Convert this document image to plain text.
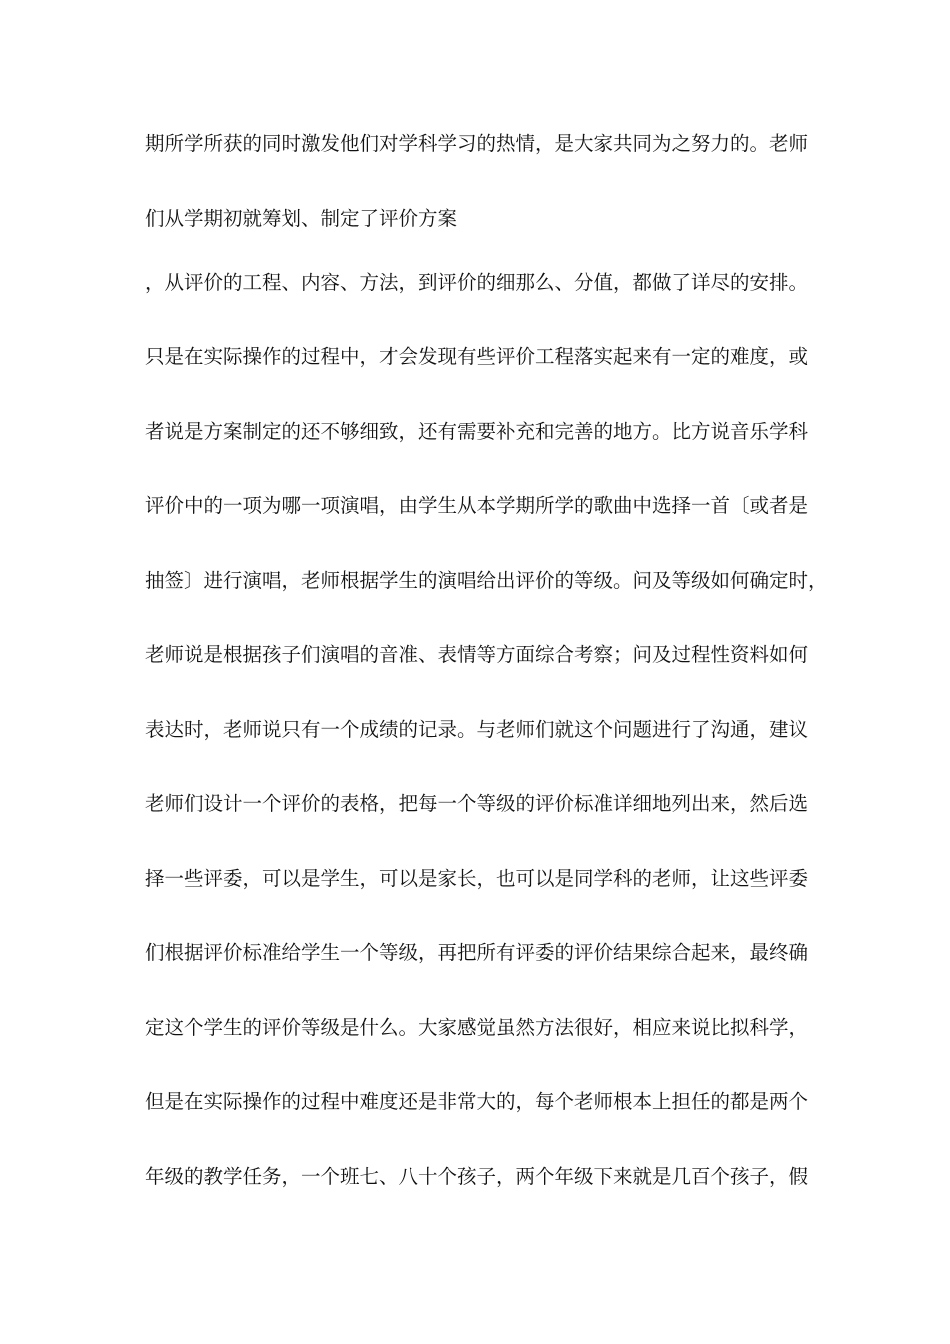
期所学所获的同时激发他们对学科学习的热情，是大家共同为之努力的。老师

们从学期初就筹划、制定了评价方案

，从评价的工程、内容、方法，到评价的细那么、分值，都做了详尽的安排。

只是在实际操作的过程中，才会发现有些评价工程落实起来有一定的难度，或

者说是方案制定的还不够细致，还有需要补充和完善的地方。比方说音乐学科

评价中的一项为哪一项演唱，由学生从本学期所学的歌曲中选择一首〔或者是

抽签〕进行演唱，老师根据学生的演唱给出评价的等级。问及等级如何确定时，

老师说是根据孩子们演唱的音准、表情等方面综合考察；问及过程性资料如何

表达时，老师说只有一个成绩的记录。与老师们就这个问题进行了沟通，建议

老师们设计一个评价的表格，把每一个等级的评价标准详细地列出来，然后选

择一些评委，可以是学生，可以是家长，也可以是同学科的老师，让这些评委

们根据评价标准给学生一个等级，再把所有评委的评价结果综合起来，最终确

定这个学生的评价等级是什么。大家感觉虽然方法很好，相应来说比拟科学，

但是在实际操作的过程中难度还是非常大的，每个老师根本上担任的都是两个

年级的教学任务，一个班七、八十个孩子，两个年级下来就是几百个孩子，假
